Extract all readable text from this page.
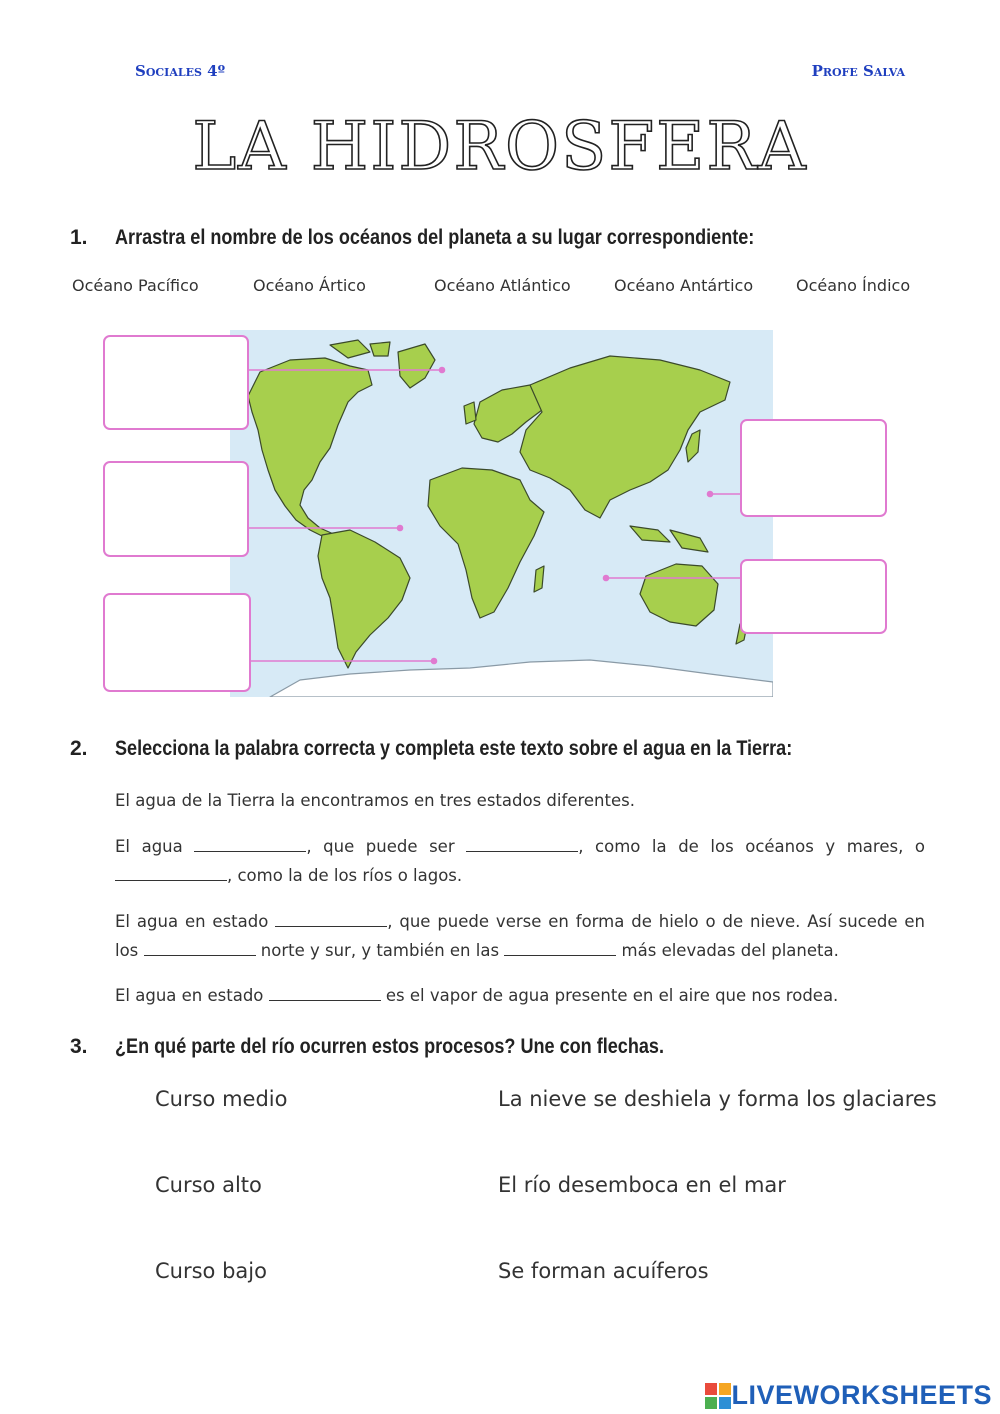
Sociales 4º	Profe Salva
LA HIDROSFERA
1. Arrastra el nombre de los océanos del planeta a su lugar correspondiente:
Océano Pacífico	Océano Ártico	Océano Atlántico	Océano Antártico	Océano Índico
2. Selecciona la palabra correcta y completa este texto sobre el agua en la Tierra:
El agua de la Tierra la encontramos en tres estados diferentes.
El agua	, que puede ser	, como la de los océanos y mares, o , como la de los ríos o lagos.
El agua en estado	, que puede verse en forma de hielo o de nieve. Así sucede en los	norte y sur, y también en las	más elevadas del planeta.
El agua en estado	es el vapor de agua presente en el aire que nos rodea.
3. ¿En qué parte del río ocurren estos procesos? Une con flechas.
Curso medio
Curso alto
Curso bajo
La nieve se deshiela y forma los glaciares
El río desemboca en el mar
Se forman acuíferos
LIVEWORKSHEETS
